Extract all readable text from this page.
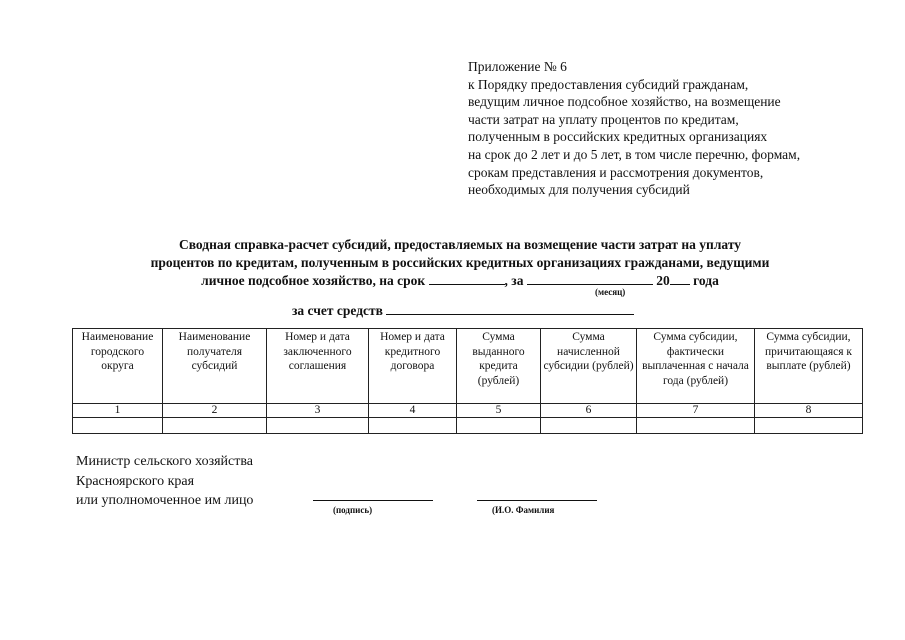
Приложение № 6
к Порядку предоставления субсидий гражданам,
ведущим личное подсобное хозяйство, на возмещение
части затрат на уплату процентов по кредитам,
полученным в российских кредитных организациях
на срок до 2 лет и до 5 лет, в том числе перечню, формам,
срокам представления и рассмотрения документов,
необходимых для получения субсидий
Сводная справка-расчет субсидий, предоставляемых на возмещение части затрат на уплату
процентов по кредитам, полученным в российских кредитных организациях гражданами, ведущими
личное подсобное хозяйство, на срок	, за	20 года
(месяц)
за счет средств
Наименование городского округа	Наименование получателя субсидий	Номер и дата заключенного соглашения	Номер и дата кредитного договора	Сумма выданного кредита (рублей)	Сумма начисленной субсидии (рублей)	Сумма субсидии, фактически выплаченная с начала года (рублей)	Сумма субсидии, причитающаяся к выплате (рублей)
1	2	3	4	5	6	7	8

Министр сельского хозяйства
Красноярского края
или уполномоченное им лицо
(подпись)	(И.О. Фамилия
